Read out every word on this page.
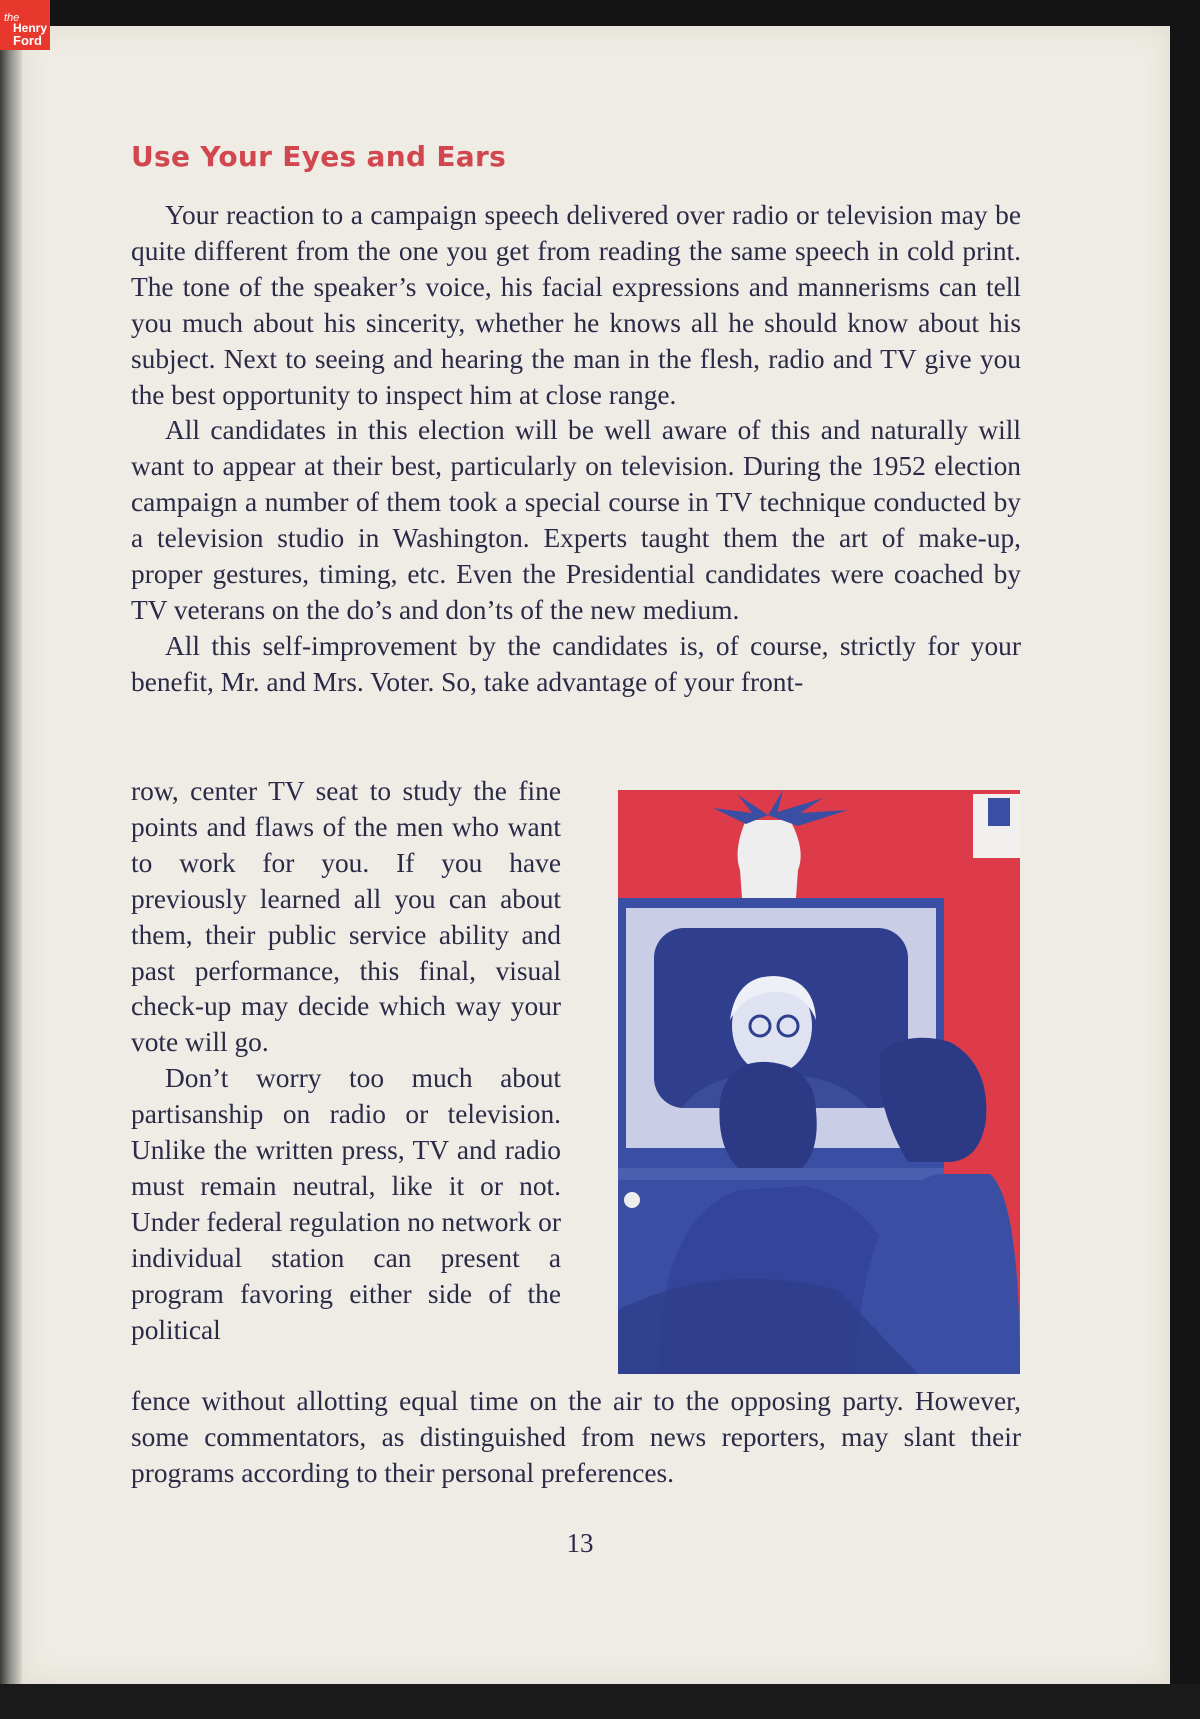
the
Henry
Ford
Use Your Eyes and Ears

Your reaction to a campaign speech delivered over radio or television may be quite different from the one you get from reading the same speech in cold print. The tone of the speaker’s voice, his facial expressions and mannerisms can tell you much about his sincerity, whether he knows all he should know about his subject. Next to seeing and hearing the man in the flesh, radio and TV give you the best opportunity to inspect him at close range.

All candidates in this election will be well aware of this and naturally will want to appear at their best, particularly on television. During the 1952 election campaign a number of them took a special course in TV technique conducted by a television studio in Washington. Experts taught them the art of make-up, proper gestures, timing, etc. Even the Presidential candidates were coached by TV veterans on the do’s and don’ts of the new medium.

All this self-improvement by the candidates is, of course, strictly for your benefit, Mr. and Mrs. Voter. So, take advantage of your front-

row, center TV seat to study the fine points and flaws of the men who want to work for you. If you have previously learned all you can about them, their public service ability and past performance, this final, visual check-up may decide which way your vote will go.

Don’t worry too much about partisanship on radio or television. Unlike the written press, TV and radio must remain neutral, like it or not. Under federal regulation no network or individual station can present a program favoring either side of the political

fence without allotting equal time on the air to the opposing party. However, some commentators, as distinguished from news reporters, may slant their programs according to their personal preferences.

13
